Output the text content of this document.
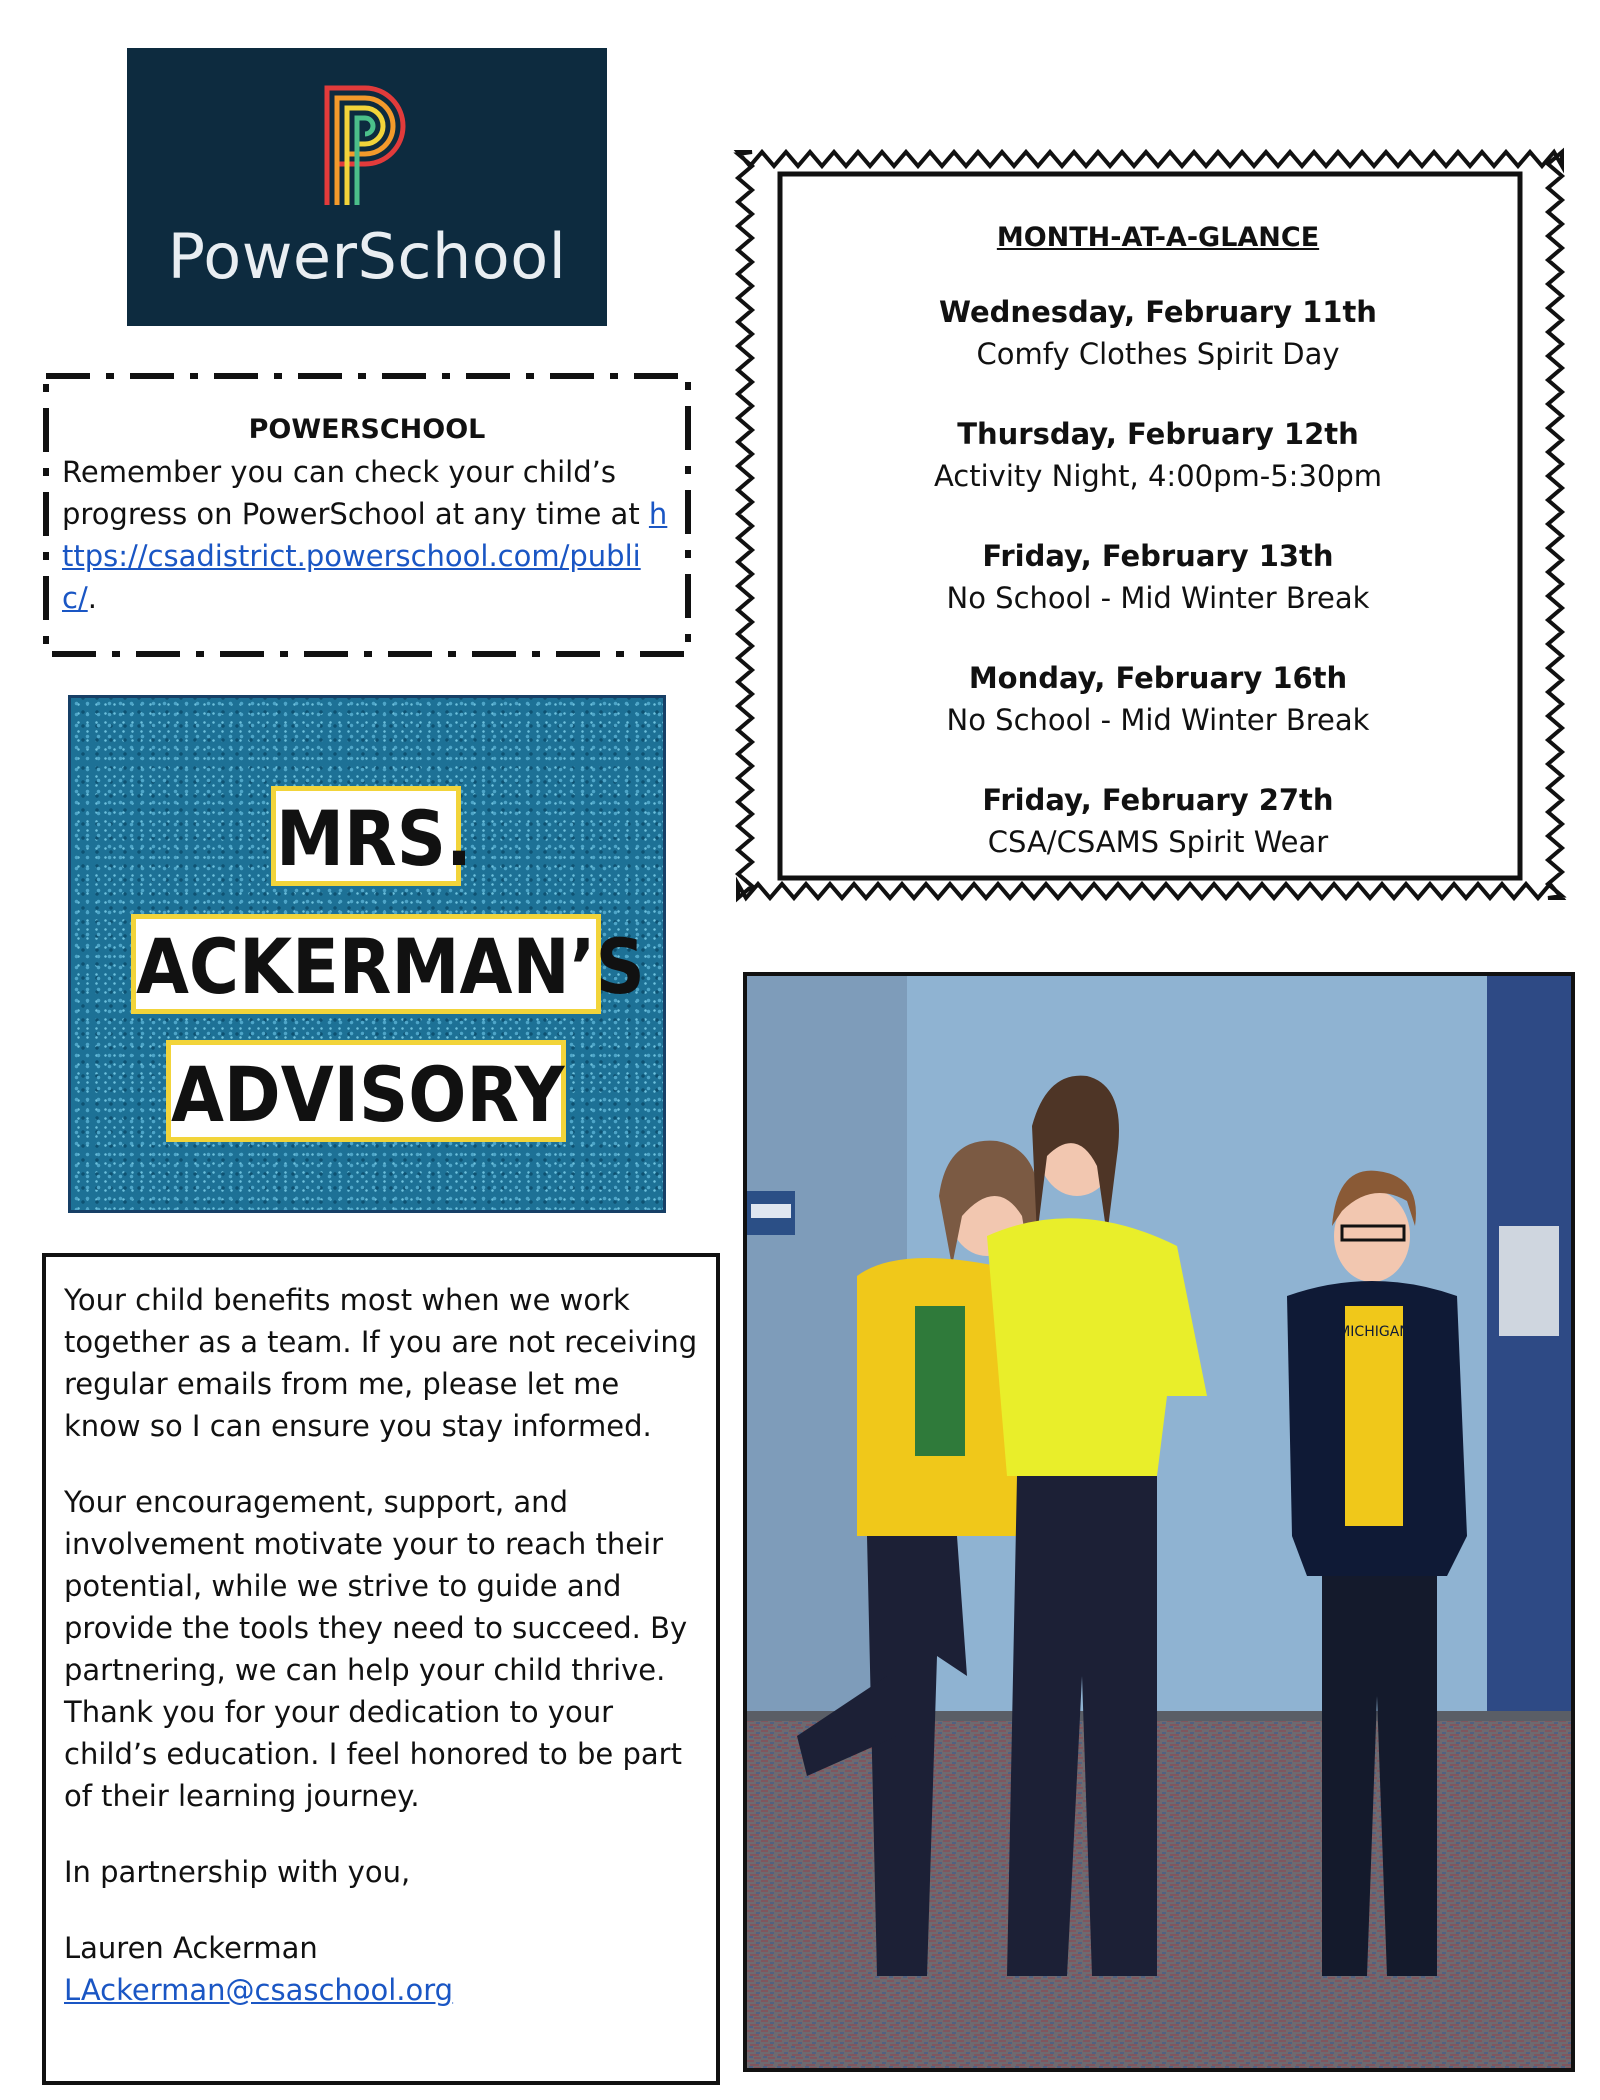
PowerSchool
POWERSCHOOL
Remember you can check your child’s progress on PowerSchool at any time at https://csadistrict.powerschool.com/public/.
MRS.
ACKERMAN’S
ADVISORY
MONTH-AT-A-GLANCE
Wednesday, February 11th
Comfy Clothes Spirit Day
Thursday, February 12th
Activity Night, 4:00pm-5:30pm
Friday, February 13th
No School - Mid Winter Break
Monday, February 16th
No School - Mid Winter Break
Friday, February 27th
CSA/CSAMS Spirit Wear

Your child benefits most when we work together as a team. If you are not receiving regular emails from me, please let me know so I can ensure you stay informed.

Your encouragement, support, and involvement motivate your to reach their potential, while we strive to guide and provide the tools they need to succeed. By partnering, we can help your child thrive. Thank you for your dedication to your child’s education. I feel honored to be part of their learning journey.

In partnership with you,

Lauren Ackerman
LAckerman@csaschool.org
MICHIGAN
